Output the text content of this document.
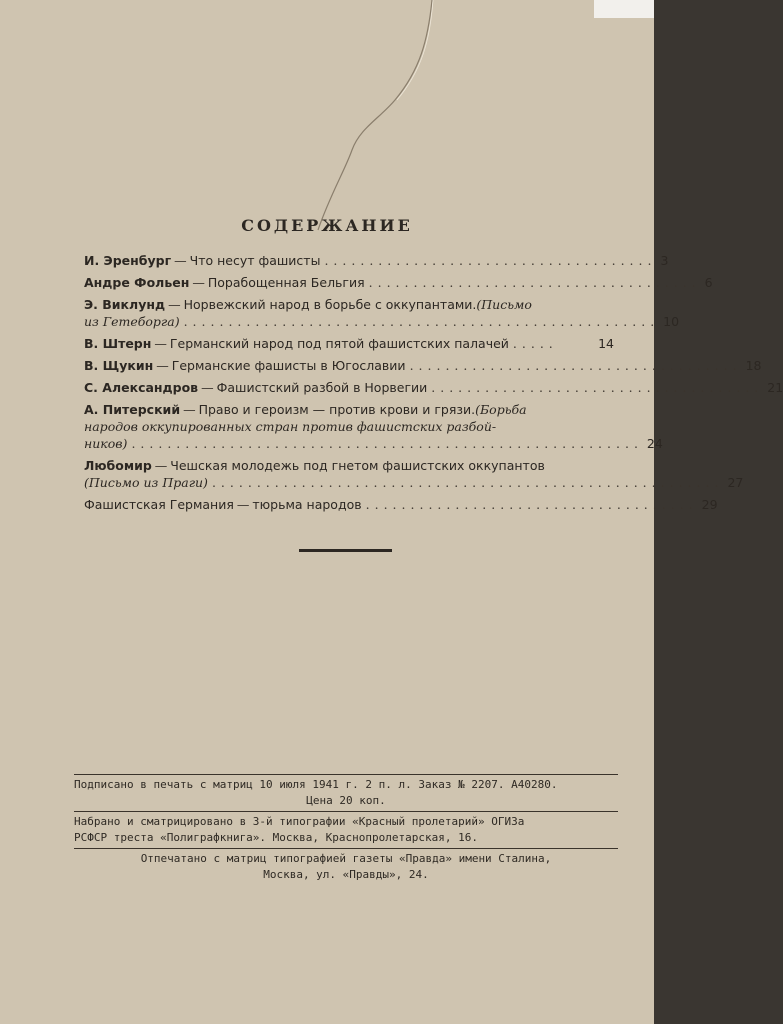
СОДЕРЖАНИЕ
И. Эренбург — Что несут фашисты ..................................... 3
Андре Фольен — Порабощенная Бельгия ..................................... 6
Э. Виклунд — Норвежский народ в борьбе с оккупантами. (Письмо
из Гетеборга) ..................................................... 10
В. Штерн — Германский народ под пятой фашистских палачей .....	14
В. Щукин — Германские фашисты в Югославии ..................................... 18
С. Александров — Фашистский разбой в Норвегии ..................................... 21
А. Питерский — Право и героизм — против крови и грязи. (Борьба
народов оккупированных стран против фашистских разбой-
ников) ......................................................... 24
Любомир — Чешская молодежь под гнетом фашистских оккупантов
(Письмо из Праги) ......................................................... 27
Фашистская Германия — тюрьма народов ..................................... 29
Подписано в печать с матриц 10 июля 1941 г. 2 п. л. Заказ № 2207. А40280.
Цена 20 коп.
Набрано и сматрицировано в 3-й типографии «Красный пролетарий» ОГИЗа
РСФСР треста «Полиграфкнига». Москва, Краснопролетарская, 16.
Отпечатано с матриц типографией газеты «Правда» имени Сталина,
Москва, ул. «Правды», 24.
